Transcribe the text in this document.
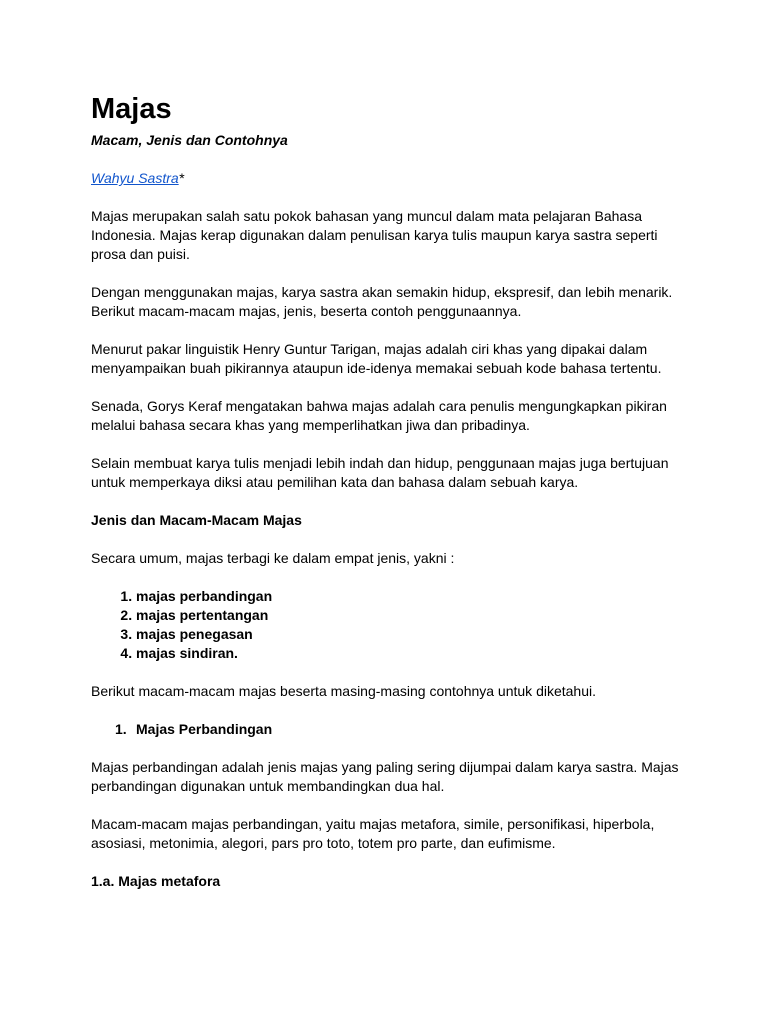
Majas
Macam, Jenis dan Contohnya
Wahyu Sastra*

Majas merupakan salah satu pokok bahasan yang muncul dalam mata pelajaran Bahasa Indonesia. Majas kerap digunakan dalam penulisan karya tulis maupun karya sastra seperti prosa dan puisi.

Dengan menggunakan majas, karya sastra akan semakin hidup, ekspresif, dan lebih menarik. Berikut macam-macam majas, jenis, beserta contoh penggunaannya.

Menurut pakar linguistik Henry Guntur Tarigan, majas adalah ciri khas yang dipakai dalam menyampaikan buah pikirannya ataupun ide-idenya memakai sebuah kode bahasa tertentu.

Senada, Gorys Keraf mengatakan bahwa majas adalah cara penulis mengungkapkan pikiran melalui bahasa secara khas yang memperlihatkan jiwa dan pribadinya.

Selain membuat karya tulis menjadi lebih indah dan hidup, penggunaan majas juga bertujuan untuk memperkaya diksi atau pemilihan kata dan bahasa dalam sebuah karya.

Jenis dan Macam-Macam Majas

Secara umum, majas terbagi ke dalam empat jenis, yakni :

1. majas perbandingan
2. majas pertentangan
3. majas penegasan
4. majas sindiran.

Berikut macam-macam majas beserta masing-masing contohnya untuk diketahui.

1. Majas Perbandingan

Majas perbandingan adalah jenis majas yang paling sering dijumpai dalam karya sastra. Majas perbandingan digunakan untuk membandingkan dua hal.

Macam-macam majas perbandingan, yaitu majas metafora, simile, personifikasi, hiperbola, asosiasi, metonimia, alegori, pars pro toto, totem pro parte, dan eufimisme.

1.a. Majas metafora
